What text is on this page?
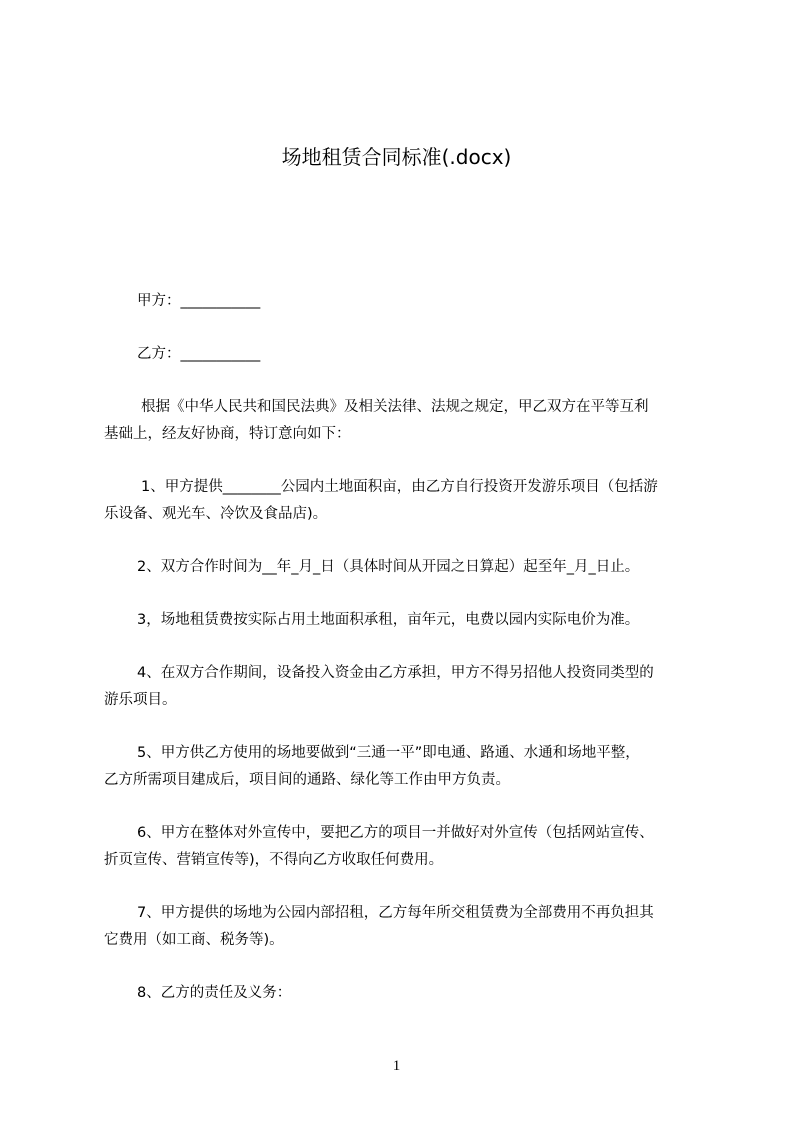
场地租赁合同标准(.docx)
甲方：___________
乙方：___________
根据《中华人民共和国民法典》及相关法律、法规之规定，甲乙双方在平等互利
基础上，经友好协商，特订意向如下：
1、甲方提供________公园内土地面积亩，由乙方自行投资开发游乐项目（包括游
乐设备、观光车、冷饮及食品店)。
2、双方合作时间为__年_月_日（具体时间从开园之日算起）起至年_月_日止。
3，场地租赁费按实际占用土地面积承租，亩年元，电费以园内实际电价为准。
4、在双方合作期间，设备投入资金由乙方承担，甲方不得另招他人投资同类型的
游乐项目。
5、甲方供乙方使用的场地要做到“三通一平”即电通、路通、水通和场地平整，
乙方所需项目建成后，项目间的通路、绿化等工作由甲方负责。
6、甲方在整体对外宣传中，要把乙方的项目一并做好对外宣传（包括网站宣传、
折页宣传、营销宣传等)，不得向乙方收取任何费用。
7、甲方提供的场地为公园内部招租，乙方每年所交租赁费为全部费用不再负担其
它费用（如工商、税务等)。
8、乙方的责任及义务：
1
